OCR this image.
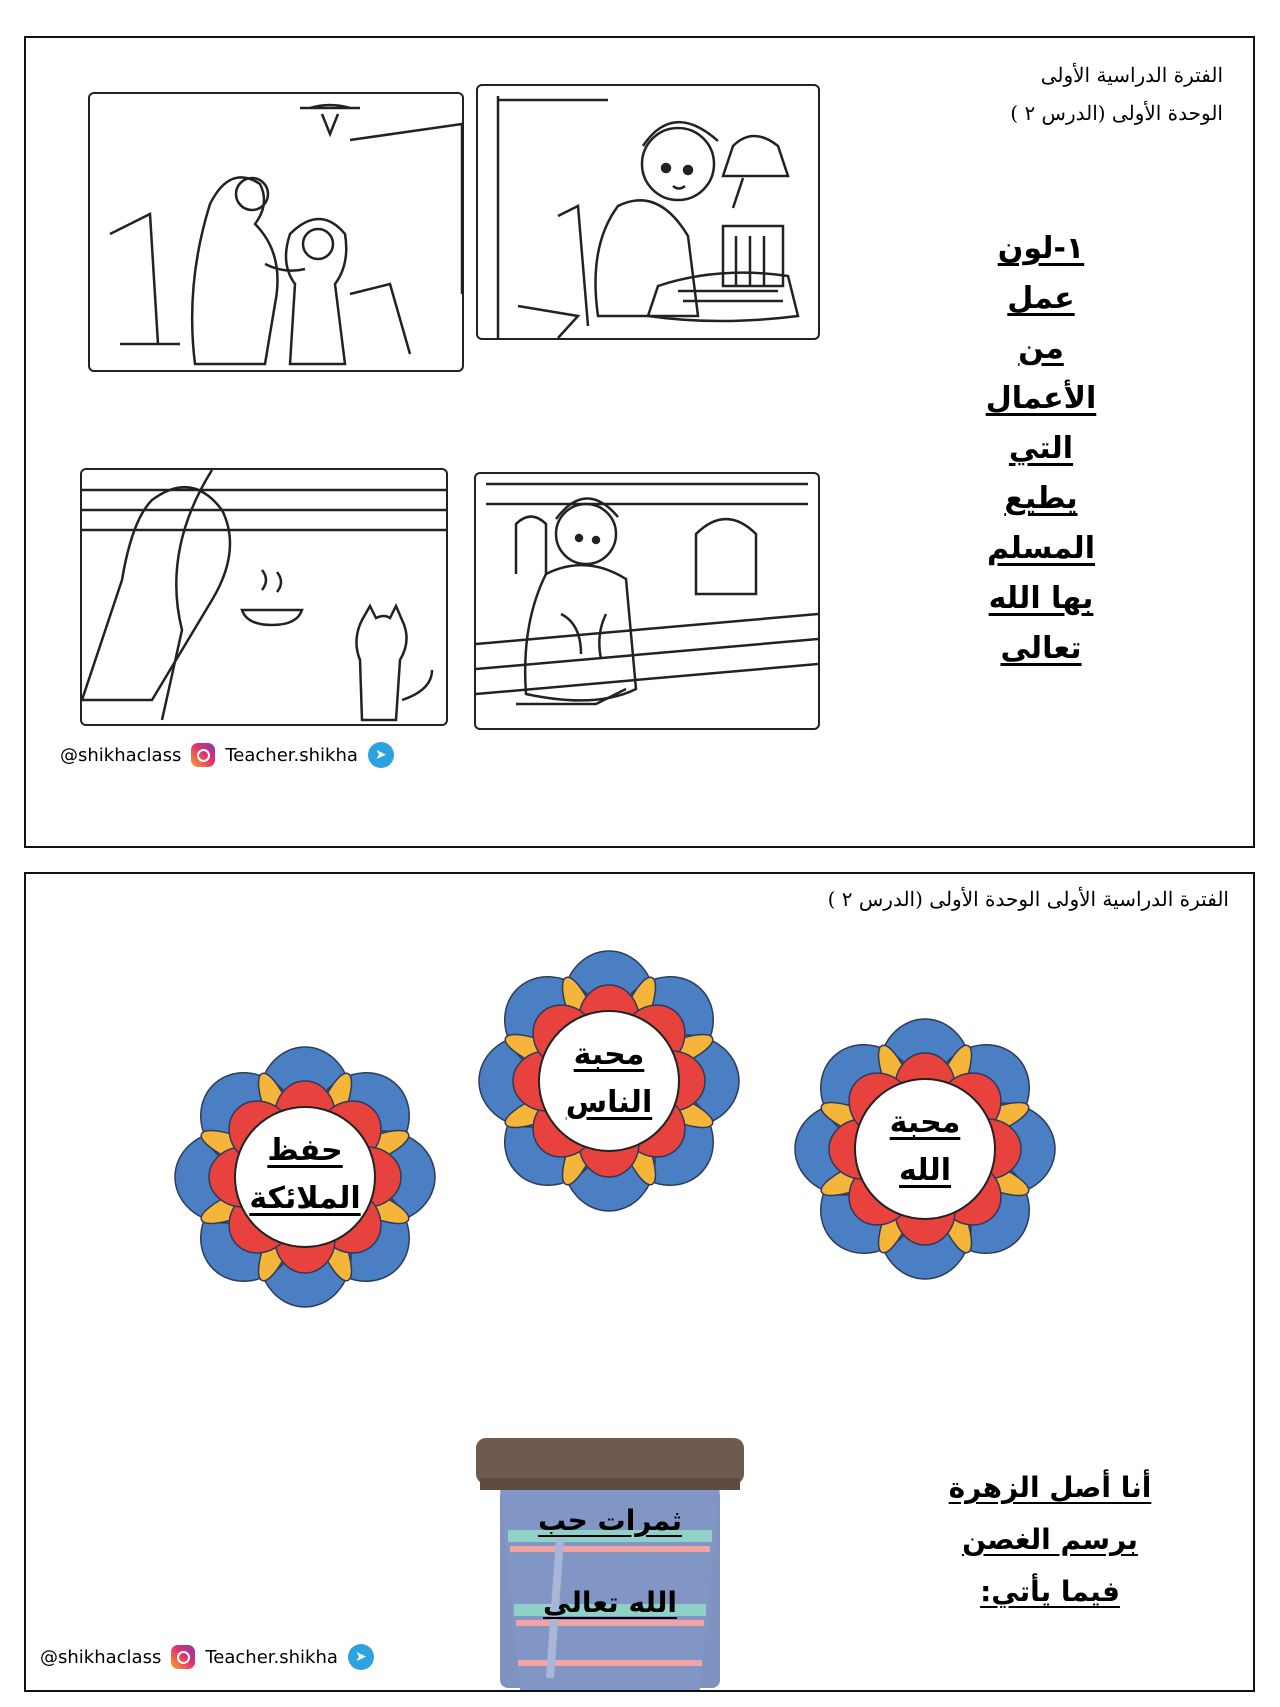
الفترة الدراسية الأولى
الوحدة الأولى (الدرس ٢ )
١-لون
عمل
من
الأعمال
التي
يطيع
المسلم
بها الله
تعالى
@shikhaclass Teacher.shikha	➤
الفترة الدراسية الأولى الوحدة الأولى (الدرس ٢ )
حفظ
الملائكة
محبة
الناس
محبة
الله
ثمرات حب
الله تعالى
أنا أصل الزهرة
برسم الغصن
فيما يأتي:
@shikhaclass Teacher.shikha	➤
